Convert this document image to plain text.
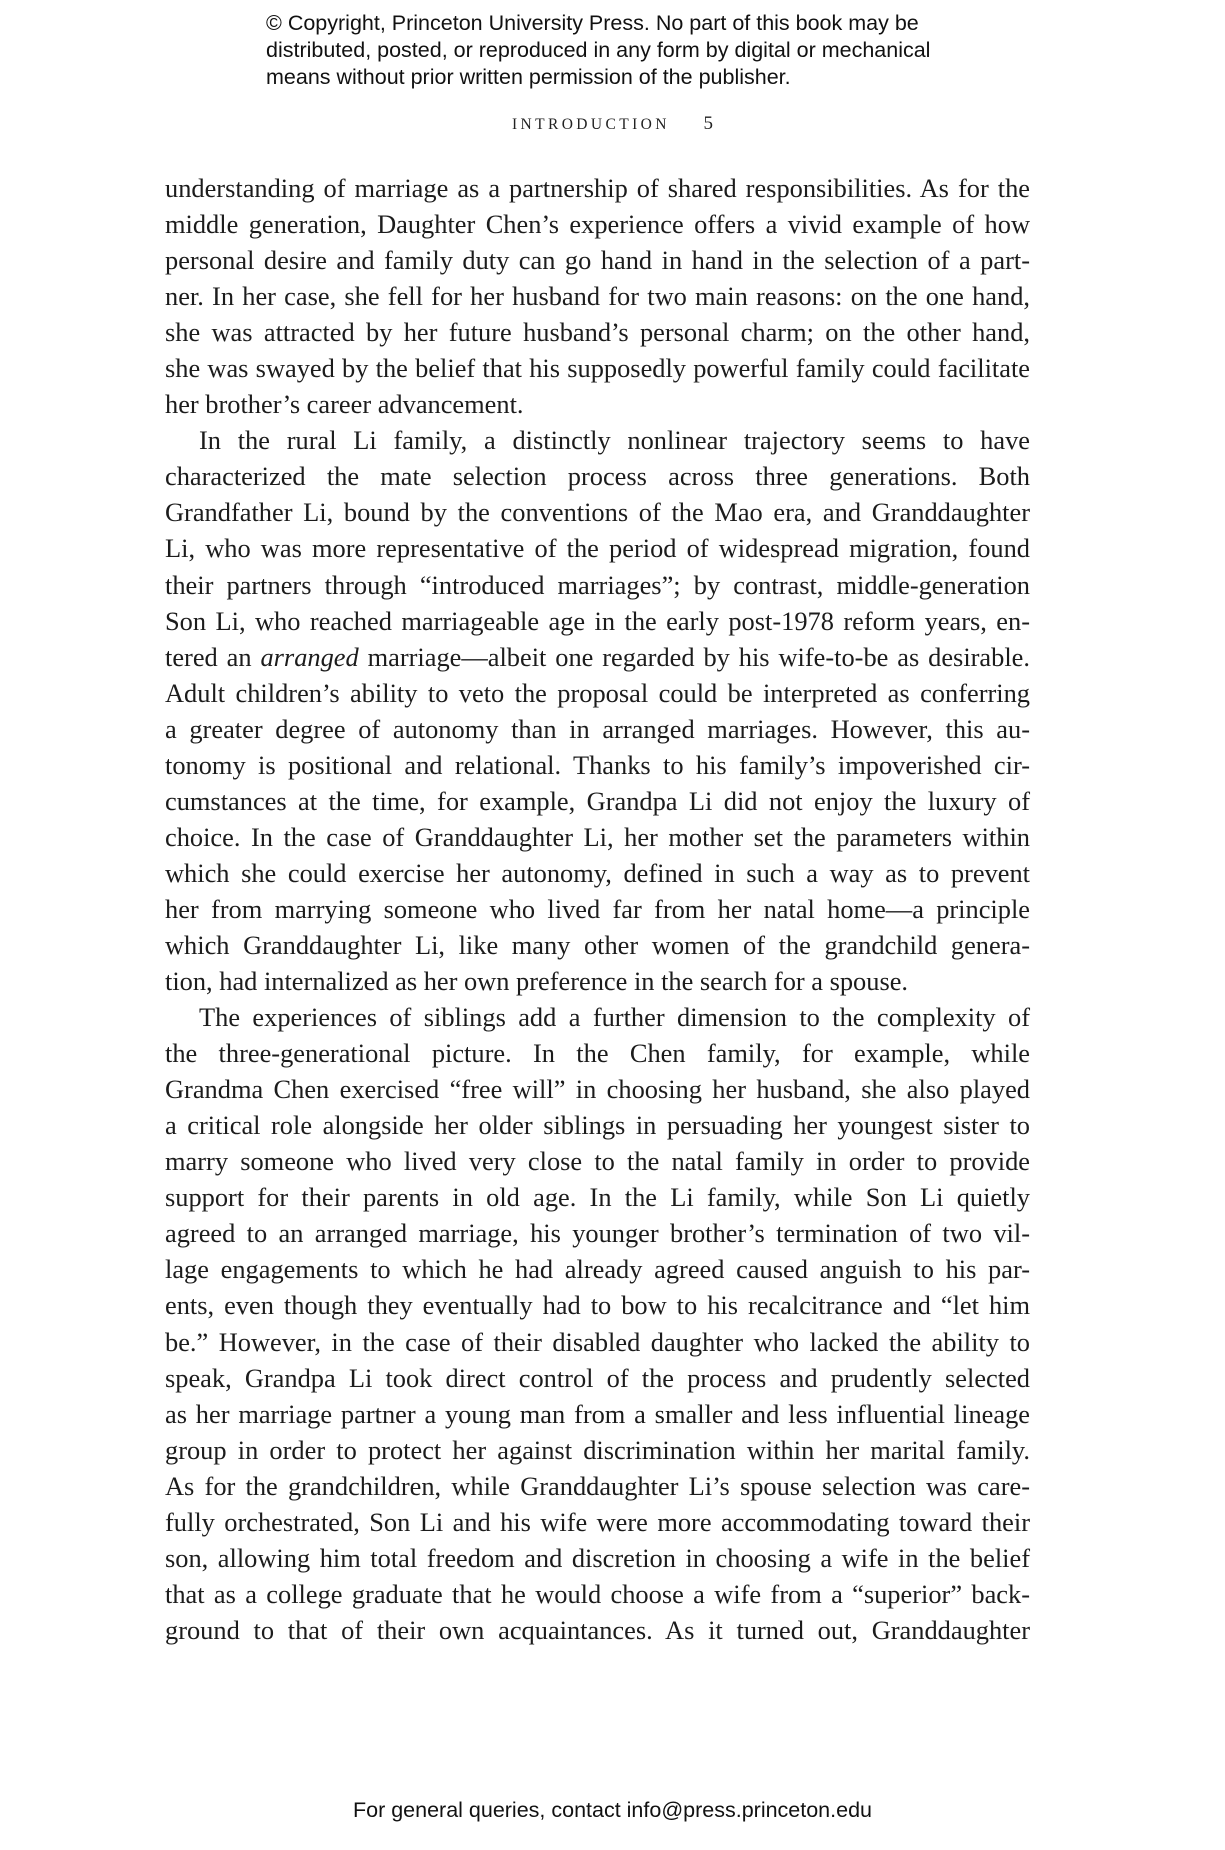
© Copyright, Princeton University Press. No part of this book may be
distributed, posted, or reproduced in any form by digital or mechanical
means without prior written permission of the publisher.
INTRODUCTION 5
understanding of marriage as a partnership of shared responsibilities. As for the
middle generation, Daughter Chen’s experience offers a vivid example of how
personal desire and family duty can go hand in hand in the selection of a part-
ner. In her case, she fell for her husband for two main reasons: on the one hand,
she was attracted by her future husband’s personal charm; on the other hand,
she was swayed by the belief that his supposedly powerful family could facilitate
her brother’s career advancement.
In the rural Li family, a distinctly nonlinear trajectory seems to have
characterized the mate selection process across three generations. Both
Grandfather Li, bound by the conventions of the Mao era, and Granddaughter
Li, who was more representative of the period of widespread migration, found
their partners through “introduced marriages”; by contrast, middle-generation
Son Li, who reached marriageable age in the early post-1978 reform years, en-
tered an arranged marriage—albeit one regarded by his wife-to-be as desirable.
Adult children’s ability to veto the proposal could be interpreted as conferring
a greater degree of autonomy than in arranged marriages. However, this au-
tonomy is positional and relational. Thanks to his family’s impoverished cir-
cumstances at the time, for example, Grandpa Li did not enjoy the luxury of
choice. In the case of Granddaughter Li, her mother set the parameters within
which she could exercise her autonomy, defined in such a way as to prevent
her from marrying someone who lived far from her natal home—a principle
which Granddaughter Li, like many other women of the grandchild genera-
tion, had internalized as her own preference in the search for a spouse.
The experiences of siblings add a further dimension to the complexity of
the three-generational picture. In the Chen family, for example, while
Grandma Chen exercised “free will” in choosing her husband, she also played
a critical role alongside her older siblings in persuading her youngest sister to
marry someone who lived very close to the natal family in order to provide
support for their parents in old age. In the Li family, while Son Li quietly
agreed to an arranged marriage, his younger brother’s termination of two vil-
lage engagements to which he had already agreed caused anguish to his par-
ents, even though they eventually had to bow to his recalcitrance and “let him
be.” However, in the case of their disabled daughter who lacked the ability to
speak, Grandpa Li took direct control of the process and prudently selected
as her marriage partner a young man from a smaller and less influential lineage
group in order to protect her against discrimination within her marital family.
As for the grandchildren, while Granddaughter Li’s spouse selection was care-
fully orchestrated, Son Li and his wife were more accommodating toward their
son, allowing him total freedom and discretion in choosing a wife in the belief
that as a college graduate that he would choose a wife from a “superior” back-
ground to that of their own acquaintances. As it turned out, Granddaughter
For general queries, contact info@press.princeton.edu
